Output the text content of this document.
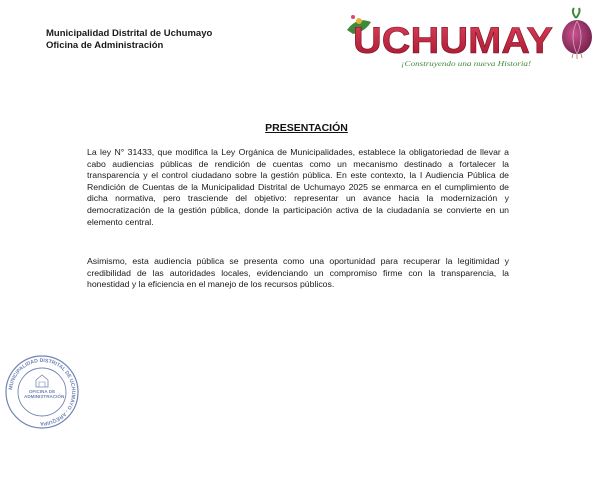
Municipalidad Distrital de Uchumayo
Oficina de Administración	UCHUMAY
¡Construyendo una nueva Historia!
PRESENTACIÓN

La ley N° 31433, que modifica la Ley Orgánica de Municipalidades, establece la obligatoriedad de llevar a cabo audiencias públicas de rendición de cuentas como un mecanismo destinado a fortalecer la transparencia y el control ciudadano sobre la gestión pública. En este contexto, la I Audiencia Pública de Rendición de Cuentas de la Municipalidad Distrital de Uchumayo 2025 se enmarca en el cumplimiento de dicha normativa, pero trasciende del objetivo: representar un avance hacia la modernización y democratización de la gestión pública, donde la participación activa de la ciudadanía se convierte en un elemento central.

Asimismo, esta audiencia pública se presenta como una oportunidad para recuperar la legitimidad y credibilidad de las autoridades locales, evidenciando un compromiso firme con la transparencia, la honestidad y la eficiencia en el manejo de los recursos públicos.

MUNICIPALIDAD DISTRITAL DE UCHUMAYO - AREQUIPA
OFICINA DE ADMINISTRACIÓN
